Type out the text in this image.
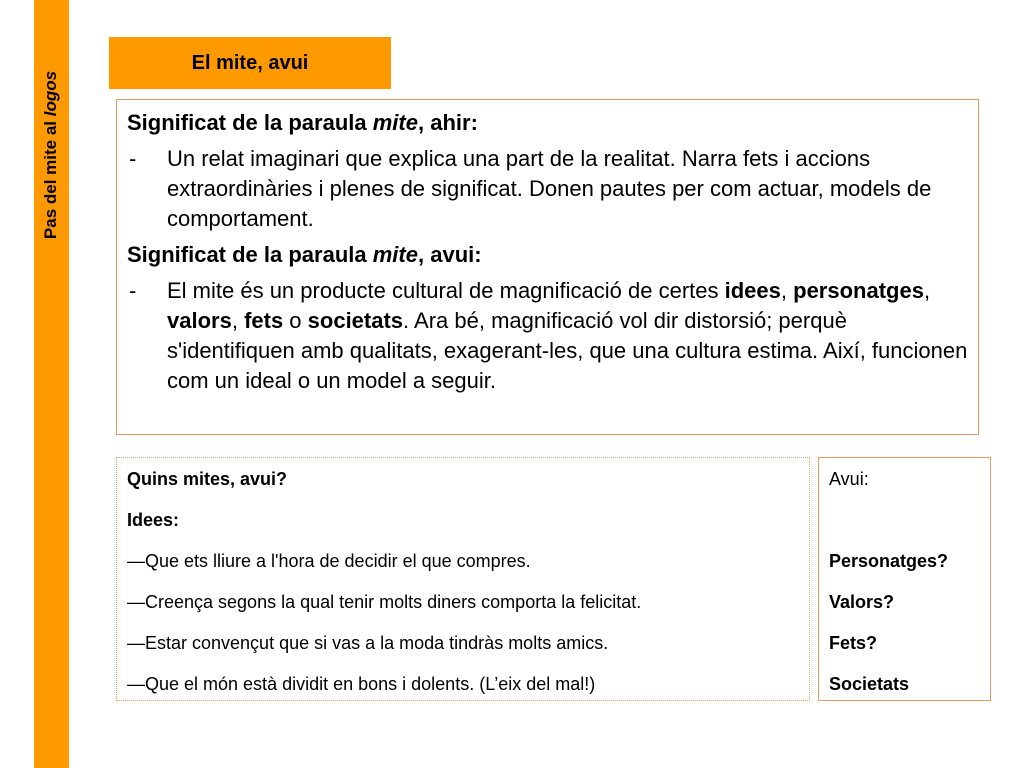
Pas del mite al logos
El mite, avui

Significat de la paraula mite, ahir:

- Un relat imaginari que explica una part de la realitat. Narra fets i accions extraordinàries i plenes de significat. Donen pautes per com actuar, models de comportament.

Significat de la paraula mite, avui:

- El mite és un producte cultural de magnificació de certes idees, personatges, valors, fets o societats. Ara bé, magnificació vol dir distorsió; perquè s'identifiquen amb qualitats, exagerant-les, que una cultura estima. Així, funcionen com un ideal o un model a seguir.

Quins mites, avui?
Idees:
—Que ets lliure a l'hora de decidir el que compres.
—Creença segons la qual tenir molts diners comporta la felicitat.
—Estar convençut que si vas a la moda tindràs molts amics.
—Que el món està dividit en bons i dolents. (L’eix del mal!)
Avui:
Personatges?
Valors?
Fets?
Societats
